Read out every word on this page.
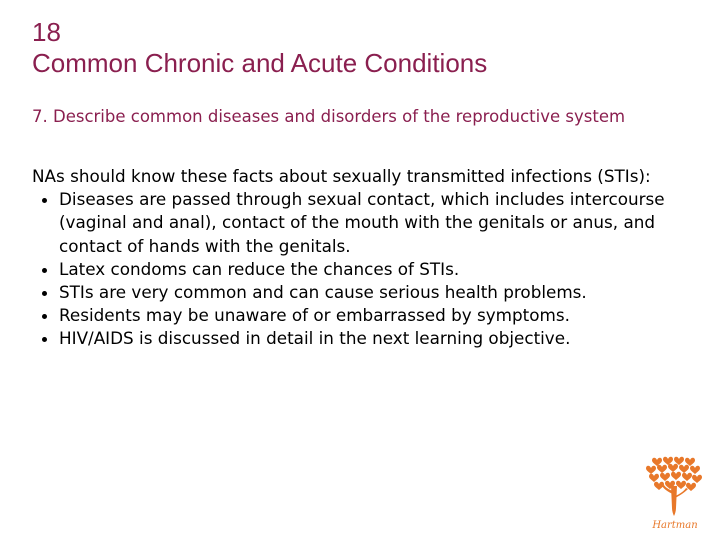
18
Common Chronic and Acute Conditions
7. Describe common diseases and disorders of the reproductive system
NAs should know these facts about sexually transmitted infections (STIs):
Diseases are passed through sexual contact, which includes intercourse (vaginal and anal), contact of the mouth with the genitals or anus, and contact of hands with the genitals.
Latex condoms can reduce the chances of STIs.
STIs are very common and can cause serious health problems.
Residents may be unaware of or embarrassed by symptoms.
HIV/AIDS is discussed in detail in the next learning objective.
Hartman
